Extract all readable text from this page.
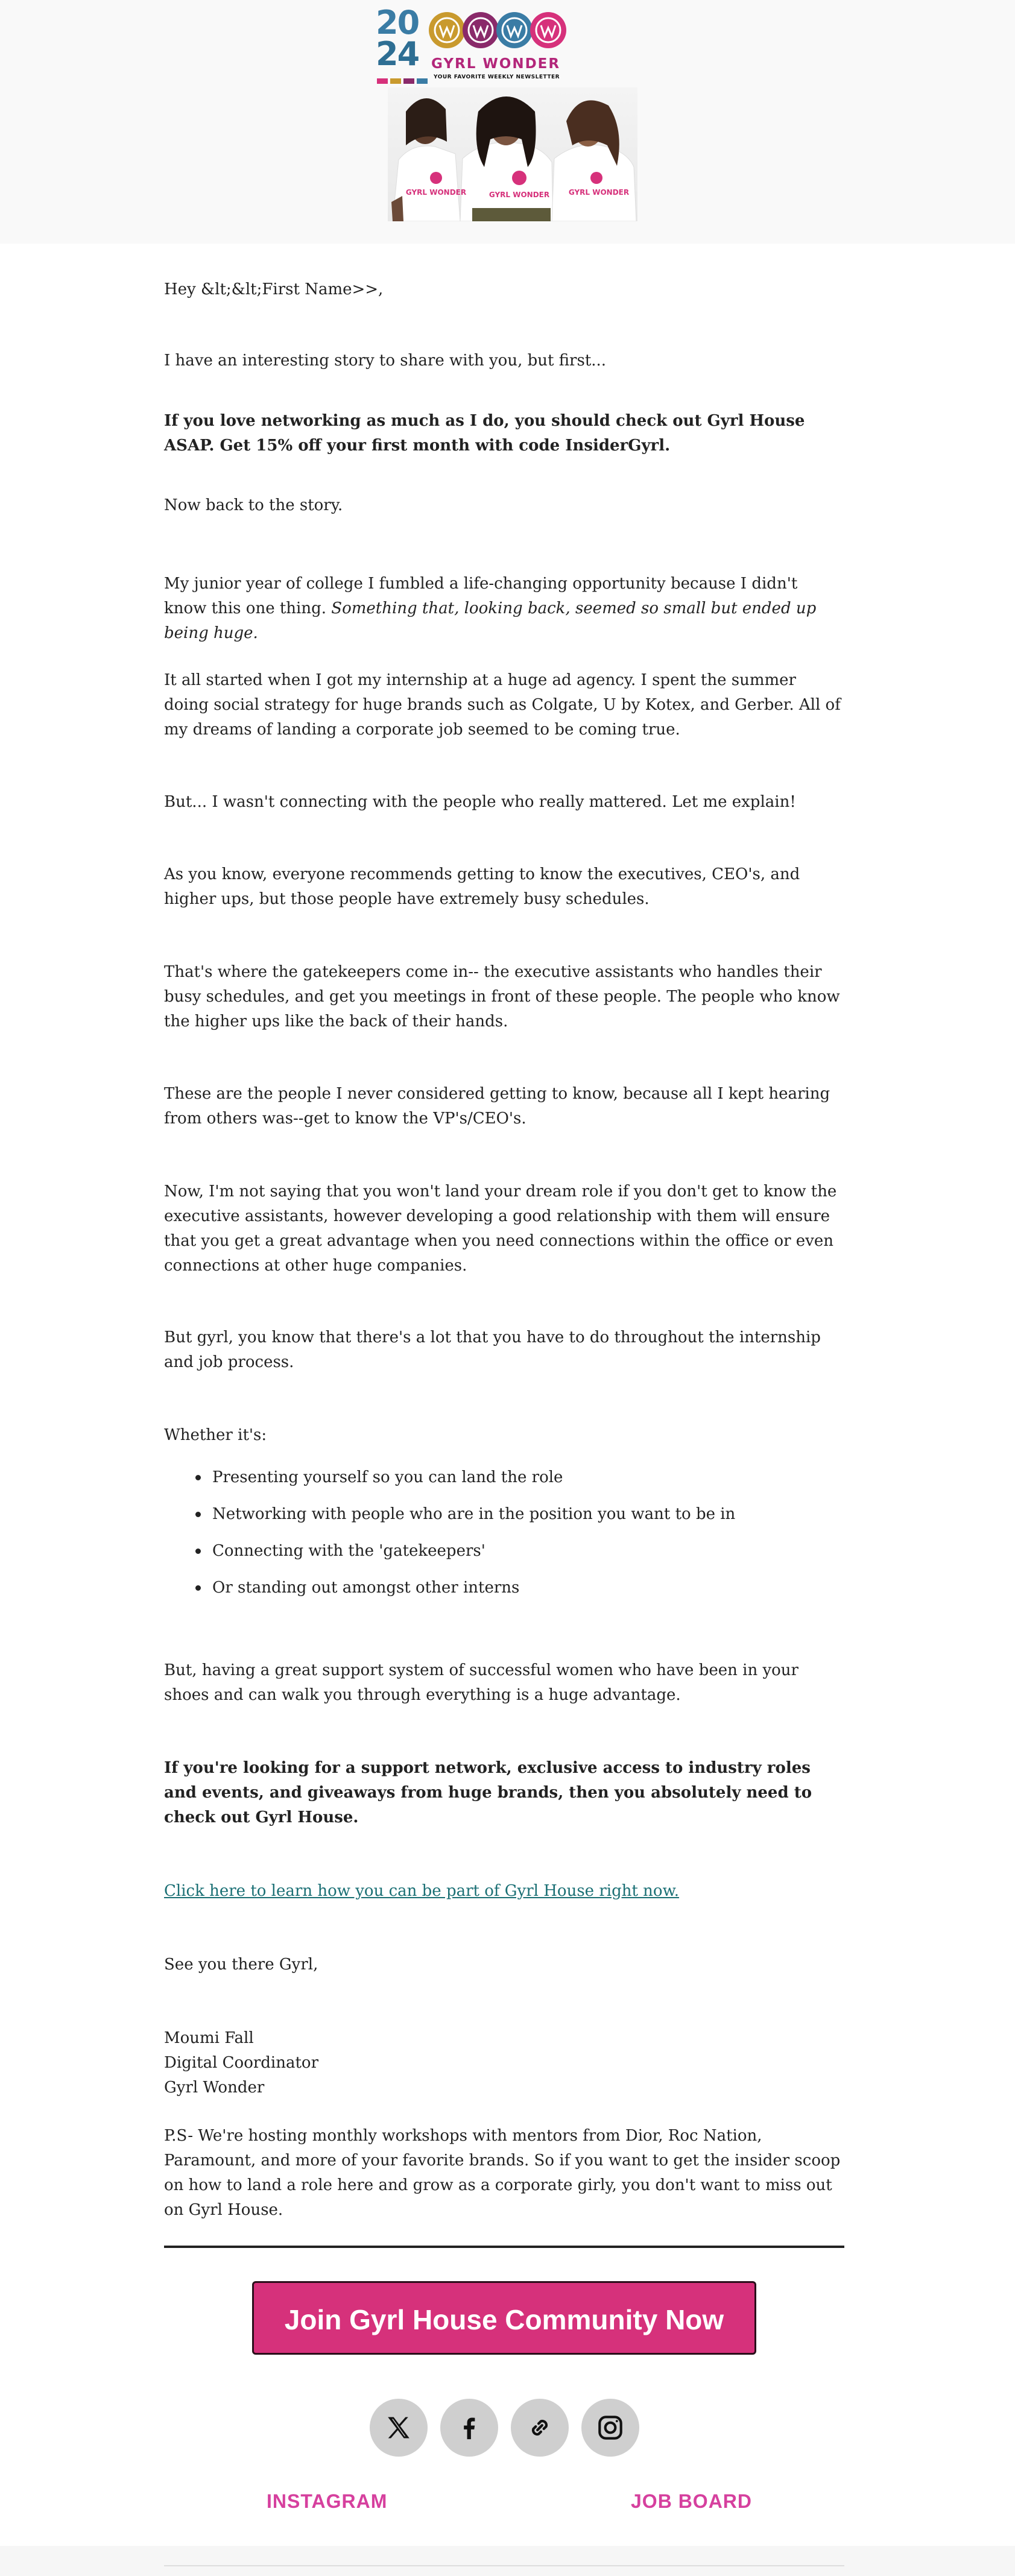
20
24 GYRL WONDER
YOUR FAVORITE WEEKLY NEWSLETTER
GYRL WONDER	GYRL WONDER	GYRL WONDER

Hey &lt;&lt;First Name>>,

I have an interesting story to share with you, but first...

If you love networking as much as I do, you should check out Gyrl House ASAP. Get 15% off your first month with code InsiderGyrl.

Now back to the story.

My junior year of college I fumbled a life-changing opportunity because I didn't know this one thing. Something that, looking back, seemed so small but ended up being huge.

It all started when I got my internship at a huge ad agency. I spent the summer doing social strategy for huge brands such as Colgate, U by Kotex, and Gerber. All of my dreams of landing a corporate job seemed to be coming true.

But... I wasn't connecting with the people who really mattered. Let me explain!

As you know, everyone recommends getting to know the executives, CEO's, and higher ups, but those people have extremely busy schedules.

That's where the gatekeepers come in-- the executive assistants who handles their busy schedules, and get you meetings in front of these people. The people who know the higher ups like the back of their hands.

These are the people I never considered getting to know, because all I kept hearing from others was--get to know the VP's/CEO's.

Now, I'm not saying that you won't land your dream role if you don't get to know the executive assistants, however developing a good relationship with them will ensure that you get a great advantage when you need connections within the office or even connections at other huge companies.

But gyrl, you know that there's a lot that you have to do throughout the internship and job process.

Whether it's:

Presenting yourself so you can land the role
Networking with people who are in the position you want to be in
Connecting with the 'gatekeepers'
Or standing out amongst other interns

But, having a great support system of successful women who have been in your shoes and can walk you through everything is a huge advantage.

If you're looking for a support network, exclusive access to industry roles and events, and giveaways from huge brands, then you absolutely need to check out Gyrl House.

Click here to learn how you can be part of Gyrl House right now.

See you there Gyrl,

Moumi Fall
Digital Coordinator
Gyrl Wonder

P.S- We're hosting monthly workshops with mentors from Dior, Roc Nation, Paramount, and more of your favorite brands. So if you want to get the insider scoop on how to land a role here and grow as a corporate girly, you don't want to miss out on Gyrl House.

Join Gyrl House Community Now
INSTAGRAM	JOB BOARD
